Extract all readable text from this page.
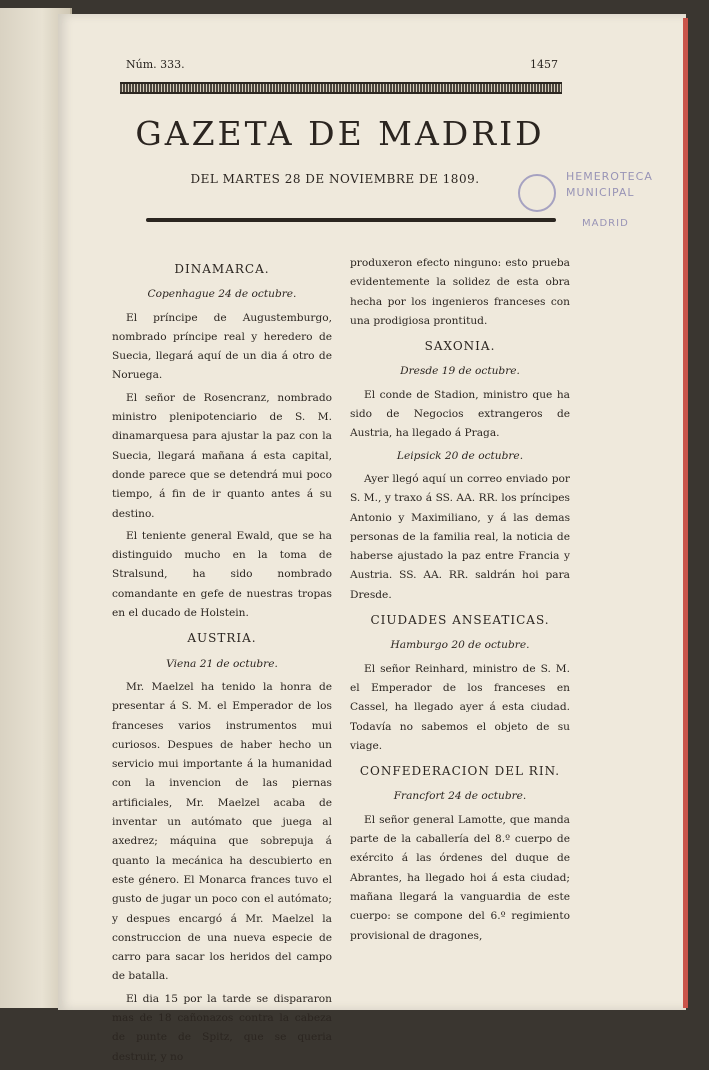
Núm. 333.	1457
GAZETA DE MADRID
DEL MARTES 28 DE NOVIEMBRE DE 1809.	HEMEROTECA
MUNICIPAL
MADRID
DINAMARCA.
Copenhague 24 de octubre.

El príncipe de Augustemburgo, nombrado príncipe real y heredero de Suecia, llegará aquí de un dia á otro de Noruega.

El señor de Rosencranz, nombrado ministro plenipotenciario de S. M. dinamarquesa para ajustar la paz con la Suecia, llegará mañana á esta capital, donde parece que se detendrá mui poco tiempo, á fin de ir quanto antes á su destino.

El teniente general Ewald, que se ha distinguido mucho en la toma de Stralsund, ha sido nombrado comandante en gefe de nuestras tropas en el ducado de Holstein.

AUSTRIA.
Viena 21 de octubre.

Mr. Maelzel ha tenido la honra de presentar á S. M. el Emperador de los franceses varios instrumentos mui curiosos. Despues de haber hecho un servicio mui importante á la humanidad con la invencion de las piernas artificiales, Mr. Maelzel acaba de inventar un autómato que juega al axedrez; máquina que sobrepuja á quanto la mecánica ha descubierto en este género. El Monarca frances tuvo el gusto de jugar un poco con el autómato; y despues encargó á Mr. Maelzel la construccion de una nueva especie de carro para sacar los heridos del campo de batalla.

El dia 15 por la tarde se dispararon mas de 18 cañonazos contra la cabeza de punte de Spitz, que se queria destruir, y no

produxeron efecto ninguno: esto prueba evidentemente la solidez de esta obra hecha por los ingenieros franceses con una prodigiosa prontitud.

SAXONIA.
Dresde 19 de octubre.

El conde de Stadion, ministro que ha sido de Negocios extrangeros de Austria, ha llegado á Praga.

Leipsick 20 de octubre.

Ayer llegó aquí un correo enviado por S. M., y traxo á SS. AA. RR. los príncipes Antonio y Maximiliano, y á las demas personas de la familia real, la noticia de haberse ajustado la paz entre Francia y Austria. SS. AA. RR. saldrán hoi para Dresde.

CIUDADES ANSEATICAS.
Hamburgo 20 de octubre.

El señor Reinhard, ministro de S. M. el Emperador de los franceses en Cassel, ha llegado ayer á esta ciudad. Todavía no sabemos el objeto de su viage.

CONFEDERACION DEL RIN.
Francfort 24 de octubre.

El señor general Lamotte, que manda parte de la caballería del 8.º cuerpo de exército á las órdenes del duque de Abrantes, ha llegado hoi á esta ciudad; mañana llegará la vanguardia de este cuerpo: se compone del 6.º regimiento provisional de dragones,
